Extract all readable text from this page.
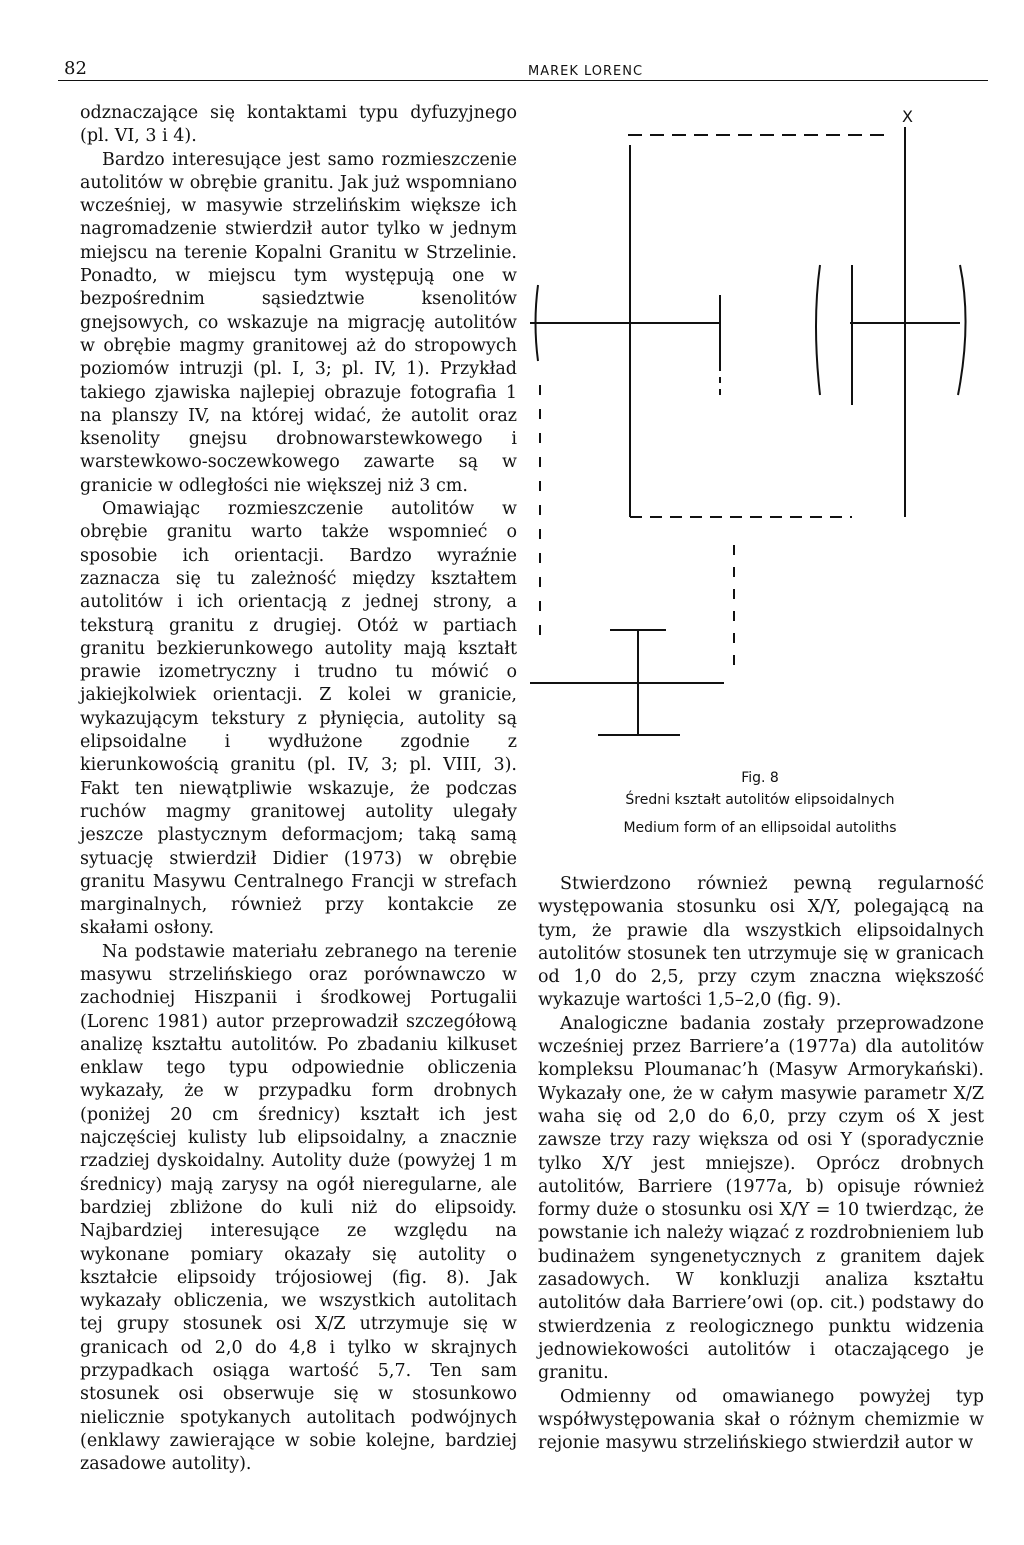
82	MAREK LORENC

odznaczające się kontaktami typu dyfuzyjnego (pl. VI, 3 i 4).

Bardzo interesujące jest samo rozmieszczenie autolitów w obrębie granitu. Jak już wspomniano wcześniej, w masywie strzelińskim większe ich nagromadzenie stwierdził autor tylko w jednym miejscu na terenie Kopalni Granitu w Strzelinie. Ponadto, w miejscu tym występują one w bezpośrednim sąsiedztwie ksenolitów gnejsowych, co wskazuje na migrację autolitów w obrębie magmy granitowej aż do stropowych poziomów intruzji (pl. I, 3; pl. IV, 1). Przykład takiego zjawiska najlepiej obrazuje fotografia 1 na planszy IV, na której widać, że autolit oraz ksenolity gnejsu drobnowarstewkowego i warstewkowo-soczewkowego zawarte są w granicie w odległości nie większej niż 3 cm.

Omawiając rozmieszczenie autolitów w obrębie granitu warto także wspomnieć o sposobie ich orientacji. Bardzo wyraźnie zaznacza się tu zależność między kształtem autolitów i ich orientacją z jednej strony, a teksturą granitu z drugiej. Otóż w partiach granitu bezkierunkowego autolity mają kształt prawie izometryczny i trudno tu mówić o jakiejkolwiek orientacji. Z kolei w granicie, wykazującym tekstury z płynięcia, autolity są elipsoidalne i wydłużone zgodnie z kierunkowością granitu (pl. IV, 3; pl. VIII, 3). Fakt ten niewątpliwie wskazuje, że podczas ruchów magmy granitowej autolity ulegały jeszcze plastycznym deformacjom; taką samą sytuację stwierdził Didier (1973) w obrębie granitu Masywu Centralnego Francji w strefach marginalnych, również przy kontakcie ze skałami osłony.

Na podstawie materiału zebranego na terenie masywu strzelińskiego oraz porównawczo w zachodniej Hiszpanii i środkowej Portugalii (Lorenc 1981) autor przeprowadził szczegółową analizę kształtu autolitów. Po zbadaniu kilkuset enklaw tego typu odpowiednie obliczenia wykazały, że w przypadku form drobnych (poniżej 20 cm średnicy) kształt ich jest najczęściej kulisty lub elipsoidalny, a znacznie rzadziej dyskoidalny. Autolity duże (powyżej 1 m średnicy) mają zarysy na ogół nieregularne, ale bardziej zbliżone do kuli niż do elipsoidy. Najbardziej interesujące ze względu na wykonane pomiary okazały się autolity o kształcie elipsoidy trójosiowej (fig. 8). Jak wykazały obliczenia, we wszystkich autolitach tej grupy stosunek osi X/Z utrzymuje się w granicach od 2,0 do 4,8 i tylko w skrajnych przypadkach osiąga wartość 5,7. Ten sam stosunek osi obserwuje się w stosunkowo nielicznie spotykanych autolitach podwójnych (enklawy zawierające w sobie kolejne, bardziej zasadowe autolity).

X
Fig. 8
Średni kształt autolitów elipsoidalnych
Medium form of an ellipsoidal autoliths

Stwierdzono również pewną regularność występowania stosunku osi X/Y, polegającą na tym, że prawie dla wszystkich elipsoidalnych autolitów stosunek ten utrzymuje się w granicach od 1,0 do 2,5, przy czym znaczna większość wykazuje wartości 1,5–2,0 (fig. 9).

Analogiczne badania zostały przeprowadzone wcześniej przez Barriere’a (1977a) dla autolitów kompleksu Ploumanac’h (Masyw Armorykański). Wykazały one, że w całym masywie parametr X/Z waha się od 2,0 do 6,0, przy czym oś X jest zawsze trzy razy większa od osi Y (sporadycznie tylko X/Y jest mniejsze). Oprócz drobnych autolitów, Barriere (1977a, b) opisuje również formy duże o stosunku osi X/Y = 10 twierdząc, że powstanie ich należy wiązać z rozdrobnieniem lub budinażem syngenetycznych z granitem dajek zasadowych. W konkluzji analiza kształtu autolitów dała Barriere’owi (op. cit.) podstawy do stwierdzenia z reologicznego punktu widzenia jednowiekowości autolitów i otaczającego je granitu.

Odmienny od omawianego powyżej typ współwystępowania skał o różnym chemizmie w rejonie masywu strzelińskiego stwierdził autor w
